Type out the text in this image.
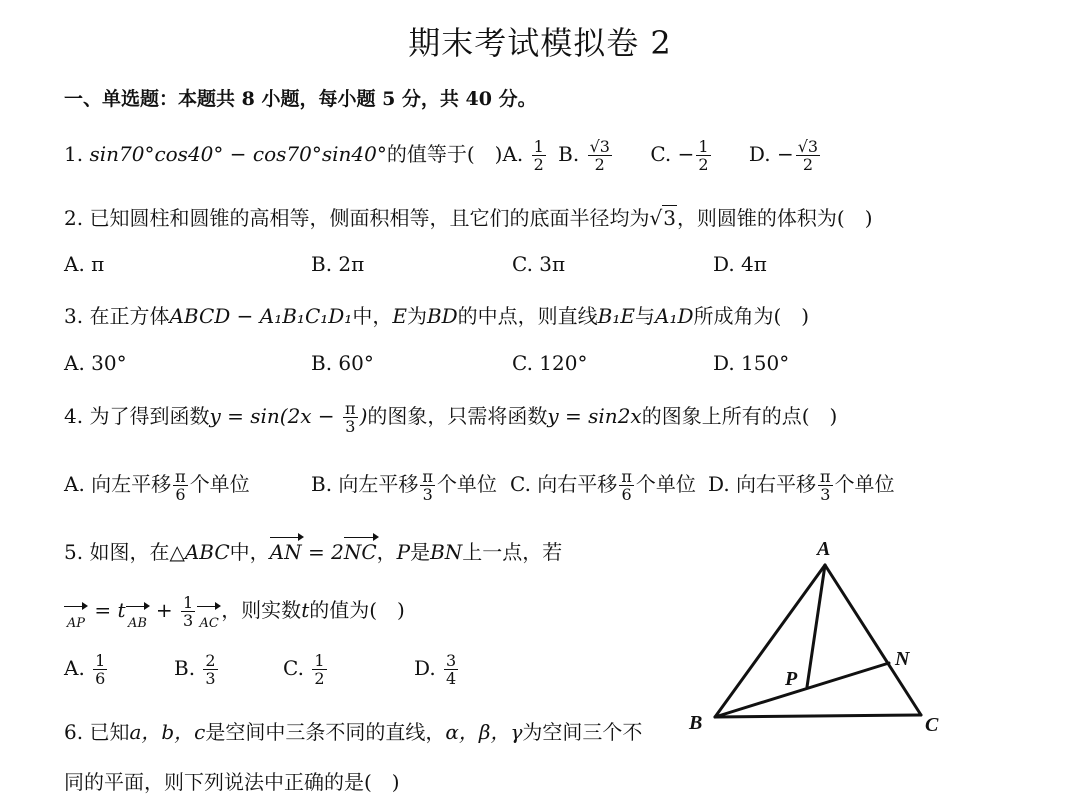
期末考试模拟卷 2
一、单选题：本题共 8 小题，每小题 5 分，共 40 分。
1. sin70°cos40° − cos70°sin40°的值等于(　)A. $\frac{1}{2} B$. $\frac{√3}{2} C$. − $\frac{1}{2} D$. − $\frac{√3}{2}$
2. 已知圆柱和圆锥的高相等，侧面积相等，且它们的底面半径均为√3，则圆锥的体积为(　)
A. π	B. 2π	C. 3π	D. 4π
3. 在正方体ABCD − A₁B₁C₁D₁中，E为BD的中点，则直线B₁E与A₁D所成角为(　)
A. 30°	B. 60°	C. 120°	D. 150°
4. 为了得到函数$y = \sin(2x - \frac{\pi}{3}$ )的图象，只需将函数y = sin2x的图象上所有的点(　)
A. 向左平移 $\frac{\pi}{6}$ 个单位	B. 向左平移 $\frac{\pi}{3}$ 个单位 C. 向右平移 $\frac{\pi}{6}$ 个单位 D. 向右平移 $\frac{\pi}{3}$ 个单位
5. 如图，在△ABC中，AN = 2NC，P是BN上一点，若
AP = tAB + $\frac{1}{3}$ AC，则实数t的值为(　)
A. $\frac{1}{6}$	B. $\frac{2}{3}$	C. $\frac{1}{2}$	D. $\frac{3}{4}$
6. 已知a，b，c是空间中三条不同的直线，α，β，γ为空间三个不
同的平面，则下列说法中正确的是(　)
A
B	C
N
P
